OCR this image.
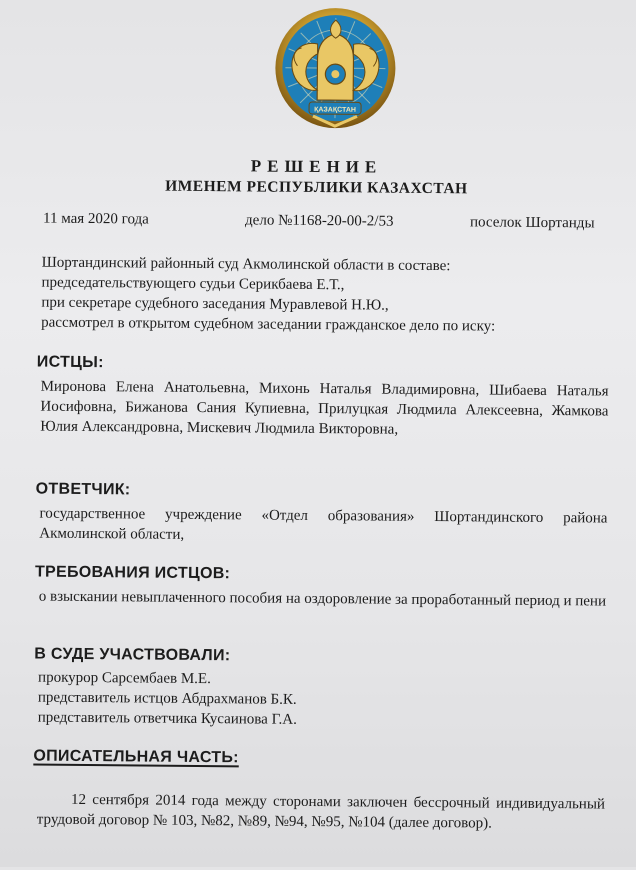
ҚАЗАҚСТАН
РЕШЕНИЕ
ИМЕНЕМ РЕСПУБЛИКИ КАЗАХСТАН
11 мая 2020 года	дело №1168-20-00-2/53	поселок Шортанды
Шортандинский районный суд Акмолинской области в составе:
председательствующего судьи Серикбаева Е.Т.,
при секретаре судебного заседания Муравлевой Н.Ю.,
рассмотрел в открытом судебном заседании гражданское дело по иску:
ИСТЦЫ:
Миронова Елена Анатольевна, Михонь Наталья Владимировна, Шибаева Наталья Иосифовна, Бижанова Сания Купиевна, Прилуцкая Людмила Алексеевна, Жамкова Юлия Александровна, Мискевич Людмила Викторовна,
ОТВЕТЧИК:
государственное учреждение «Отдел образования» Шортандинского района Акмолинской области,
ТРЕБОВАНИЯ ИСТЦОВ:
о взыскании невыплаченного пособия на оздоровление за проработанный период и пени
В СУДЕ УЧАСТВОВАЛИ:
прокурор Сарсембаев М.Е.
представитель истцов Абдрахманов Б.К.
представитель ответчика Кусаинова Г.А.
ОПИСАТЕЛЬНАЯ ЧАСТЬ:
12 сентября 2014 года между сторонами заключен бессрочный индивидуальный трудовой договор № 103, №82, №89, №94, №95, №104 (далее договор).
